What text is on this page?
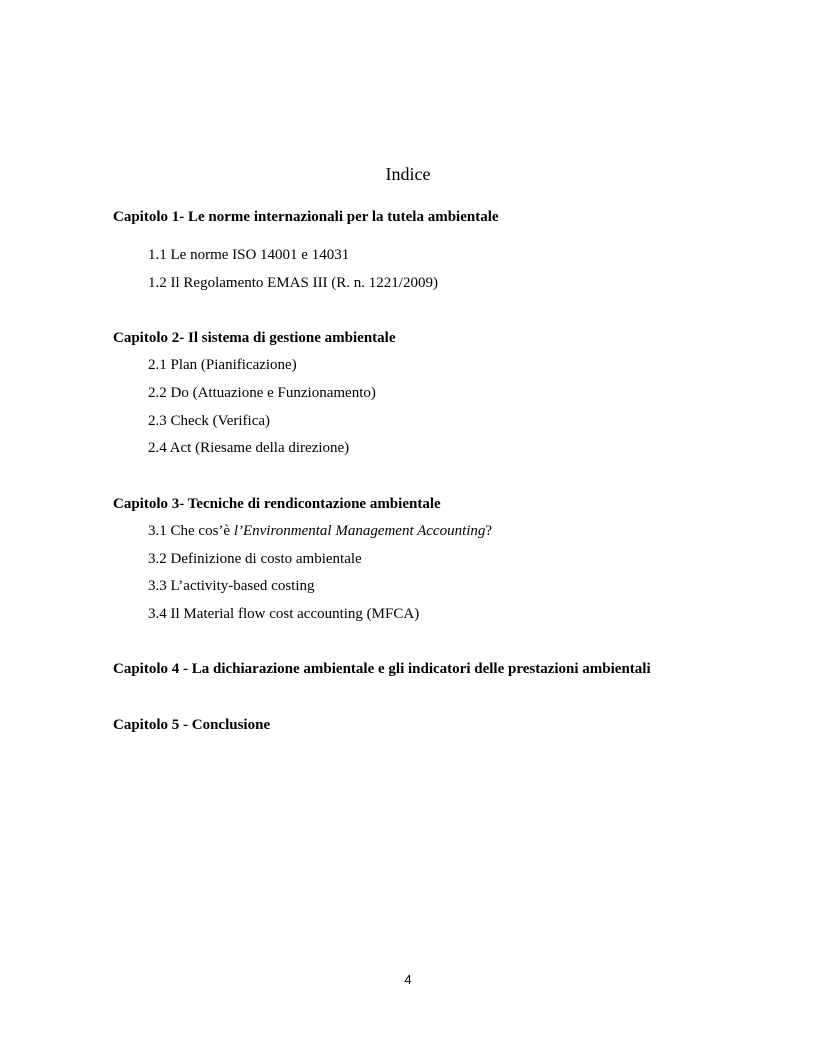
Indice
Capitolo 1- Le norme internazionali per la tutela ambientale
1.1 Le norme ISO 14001 e 14031
1.2 Il Regolamento EMAS III (R. n. 1221/2009)
Capitolo 2- Il sistema di gestione ambientale
2.1 Plan (Pianificazione)
2.2 Do (Attuazione e Funzionamento)
2.3 Check (Verifica)
2.4 Act (Riesame della direzione)
Capitolo 3- Tecniche di rendicontazione ambientale
3.1 Che cos’è l’Environmental Management Accounting?
3.2 Definizione di costo ambientale
3.3 L’activity-based costing
3.4 Il Material flow cost accounting (MFCA)
Capitolo 4 - La dichiarazione ambientale e gli indicatori delle prestazioni ambientali
Capitolo 5 - Conclusione
4
